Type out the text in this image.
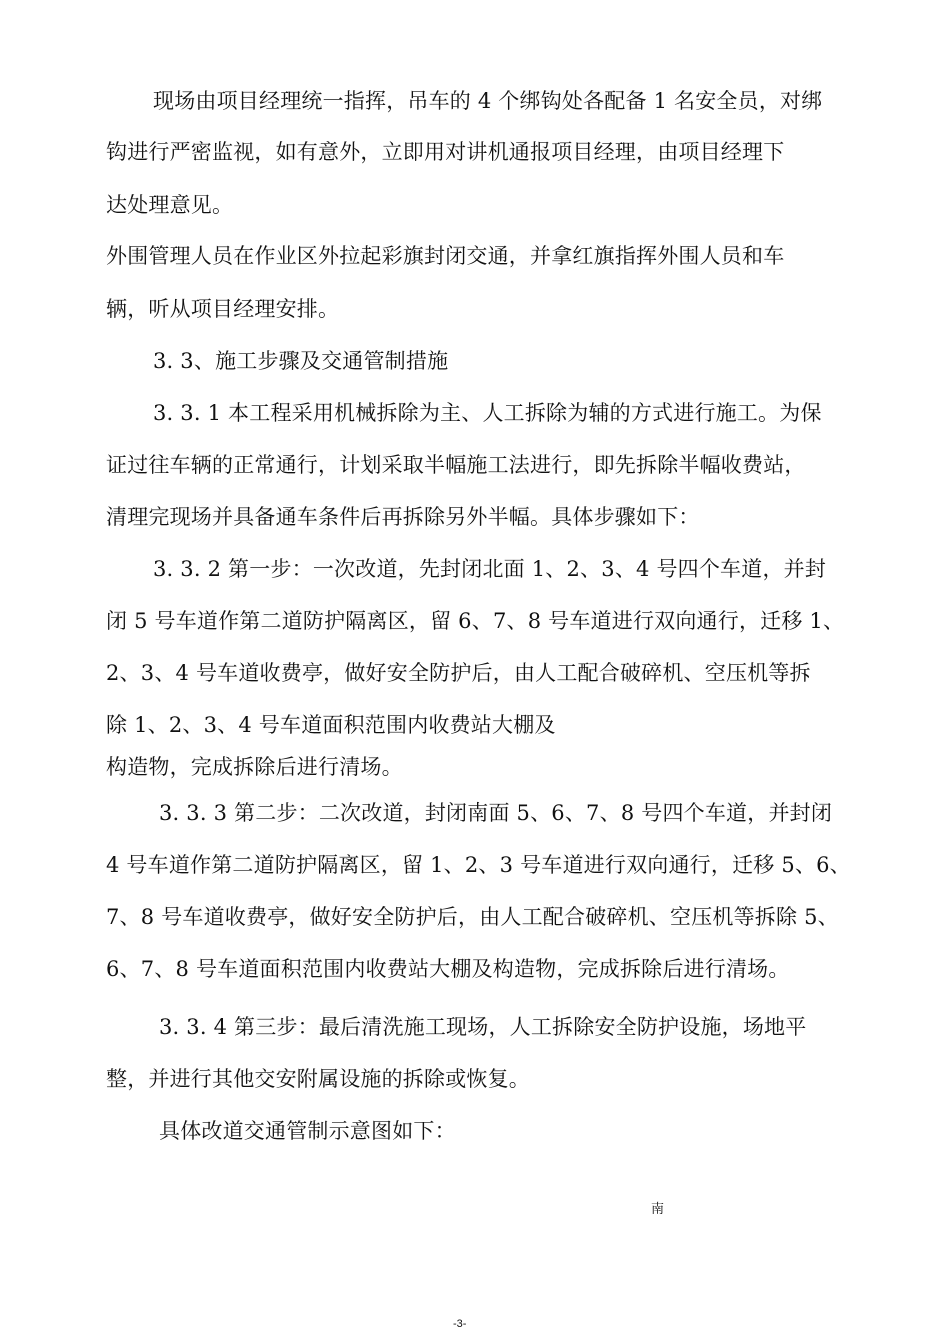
现场由项目经理统一指挥，吊车的 4 个绑钩处各配备 1 名安全员，对绑
钩进行严密监视，如有意外，立即用对讲机通报项目经理，由项目经理下
达处理意见。
外围管理人员在作业区外拉起彩旗封闭交通，并拿红旗指挥外围人员和车
辆，听从项目经理安排。
3. 3、施工步骤及交通管制措施
3. 3. 1 本工程采用机械拆除为主、人工拆除为辅的方式进行施工。为保
证过往车辆的正常通行，计划采取半幅施工法进行，即先拆除半幅收费站，
清理完现场并具备通车条件后再拆除另外半幅。具体步骤如下：
3. 3. 2 第一步：一次改道，先封闭北面 1、2、3、4 号四个车道，并封
闭 5 号车道作第二道防护隔离区，留 6、7、8 号车道进行双向通行，迁移 1、
2、3、4 号车道收费亭，做好安全防护后，由人工配合破碎机、空压机等拆
除 1、2、3、4 号车道面积范围内收费站大棚及
构造物，完成拆除后进行清场。
3. 3. 3 第二步：二次改道，封闭南面 5、6、7、8 号四个车道，并封闭
4 号车道作第二道防护隔离区，留 1、2、3 号车道进行双向通行，迁移 5、6、
7、8 号车道收费亭，做好安全防护后，由人工配合破碎机、空压机等拆除 5、
6、7、8 号车道面积范围内收费站大棚及构造物，完成拆除后进行清场。
3. 3. 4 第三步：最后清洗施工现场，人工拆除安全防护设施，场地平
整，并进行其他交安附属设施的拆除或恢复。
具体改道交通管制示意图如下：
南
-3-
